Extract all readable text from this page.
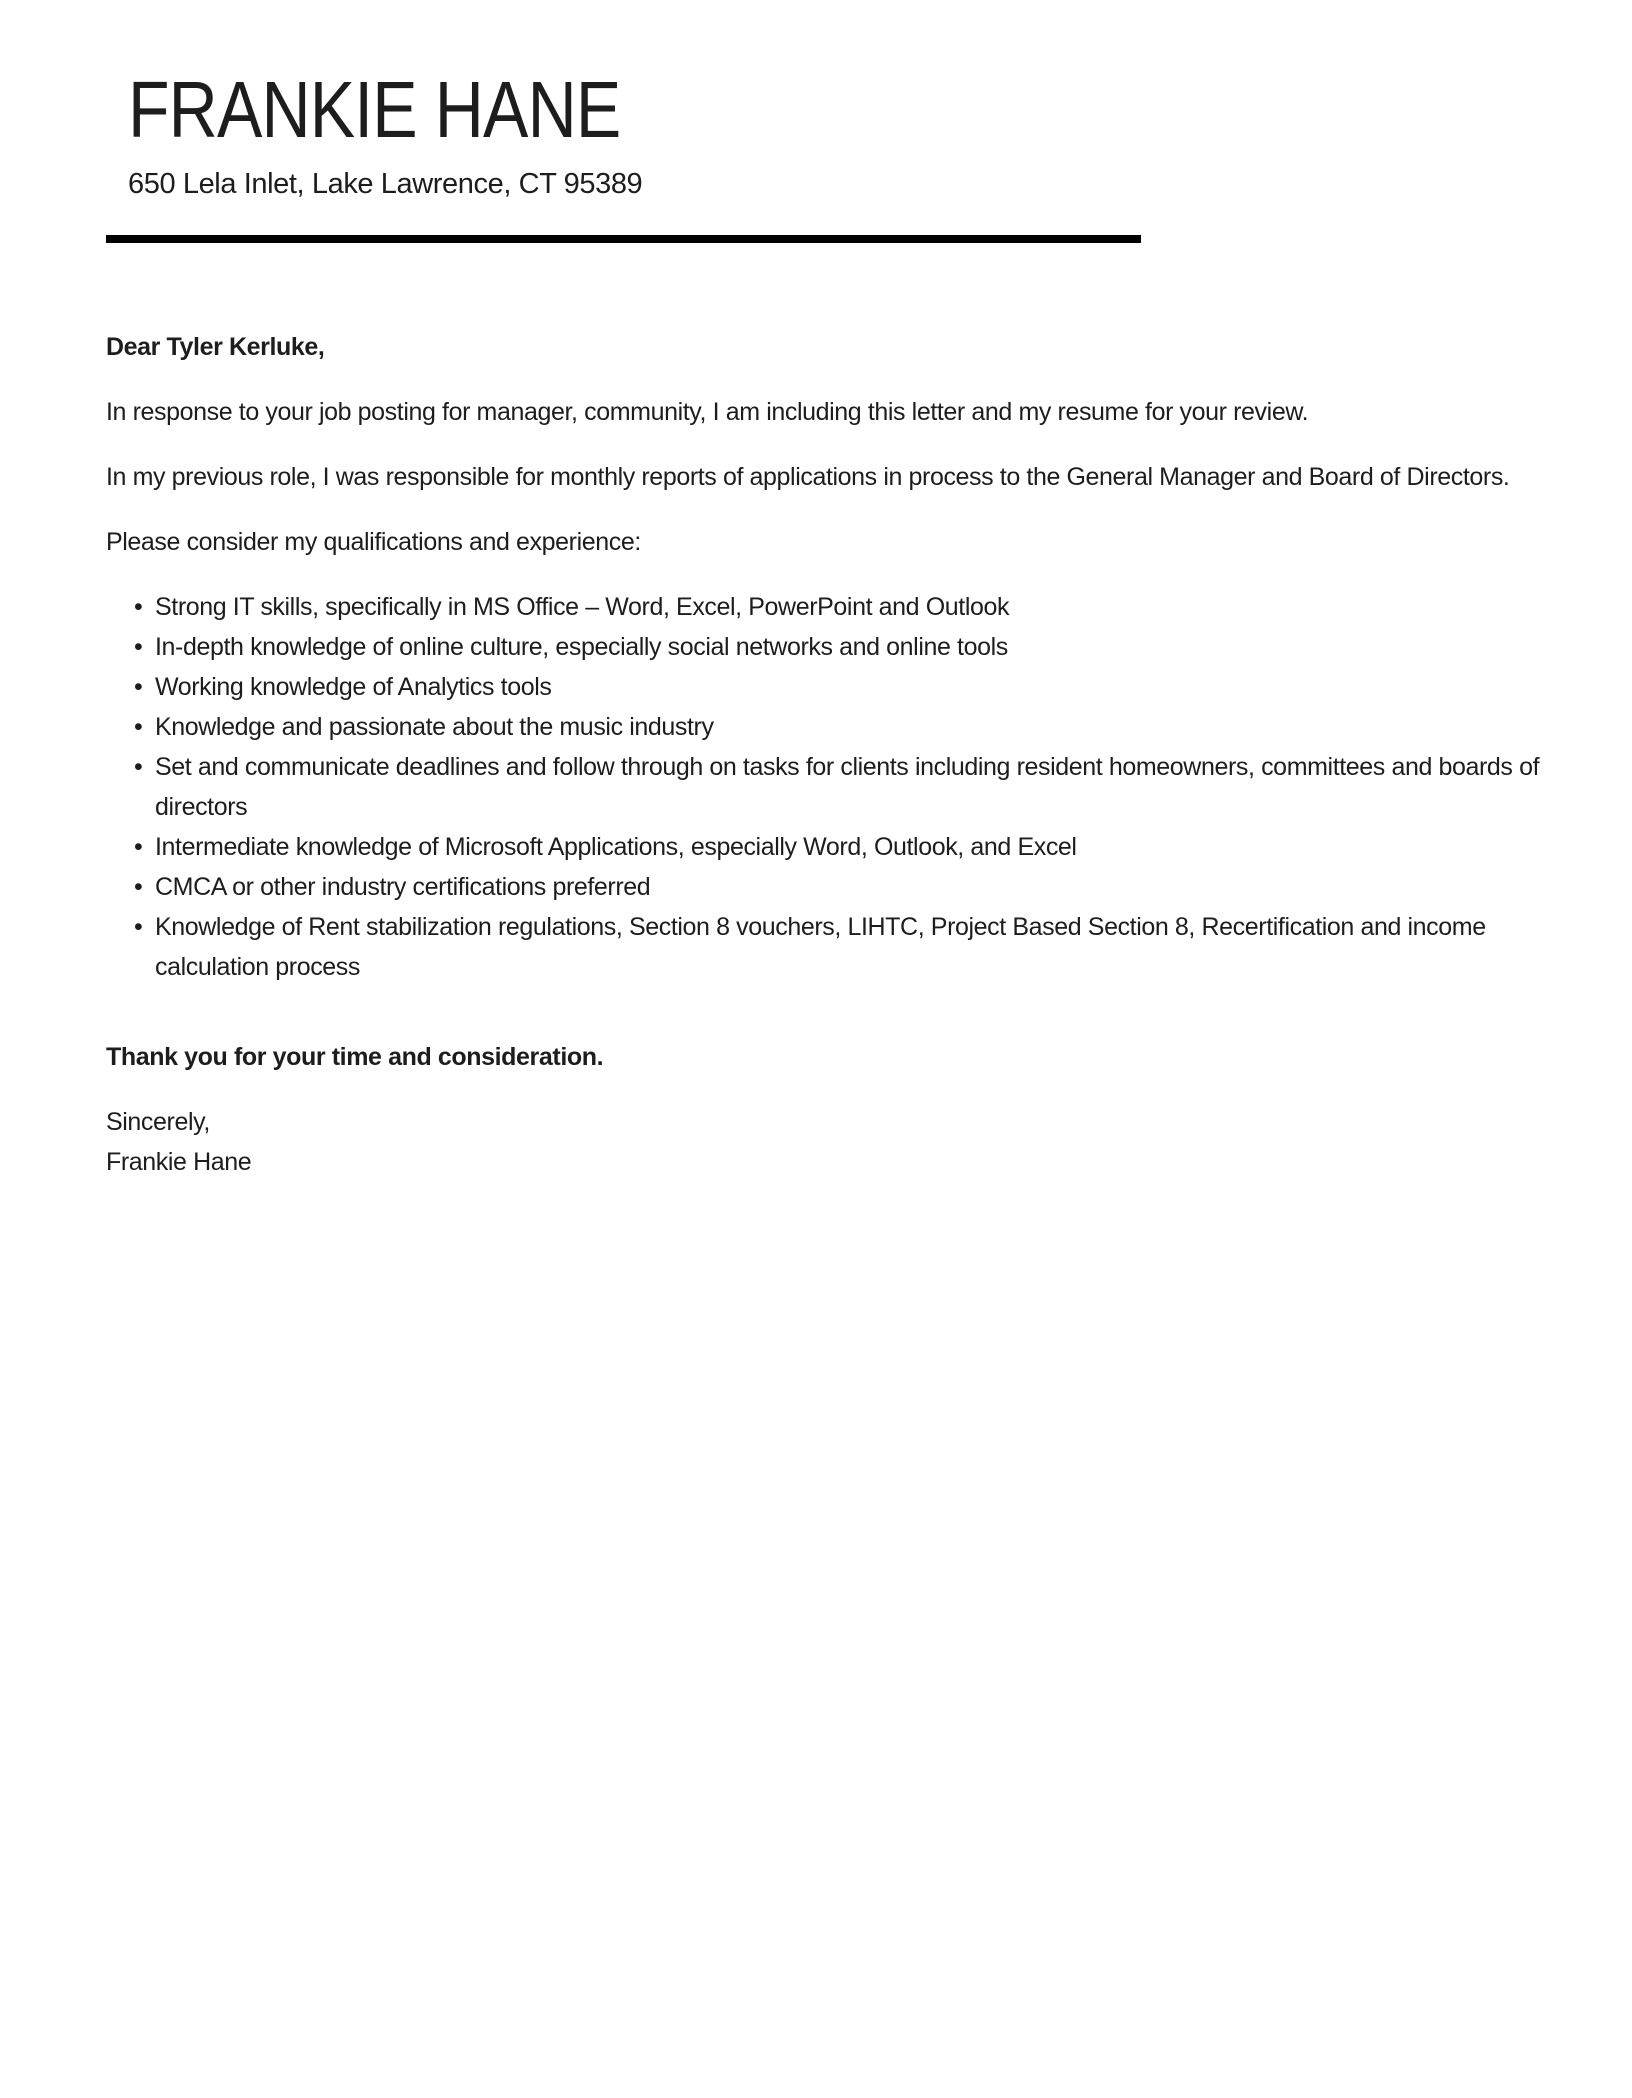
FRANKIE HANE
650 Lela Inlet, Lake Lawrence, CT 95389

Dear Tyler Kerluke,

In response to your job posting for manager, community, I am including this letter and my resume for your review.

In my previous role, I was responsible for monthly reports of applications in process to the General Manager and Board of Directors.

Please consider my qualifications and experience:

• Strong IT skills, specifically in MS Office – Word, Excel, PowerPoint and Outlook
• In-depth knowledge of online culture, especially social networks and online tools
• Working knowledge of Analytics tools
• Knowledge and passionate about the music industry
• Set and communicate deadlines and follow through on tasks for clients including resident homeowners, committees and boards of directors
• Intermediate knowledge of Microsoft Applications, especially Word, Outlook, and Excel
• CMCA or other industry certifications preferred
• Knowledge of Rent stabilization regulations, Section 8 vouchers, LIHTC, Project Based Section 8, Recertification and income calculation process

Thank you for your time and consideration.

Sincerely,
Frankie Hane
